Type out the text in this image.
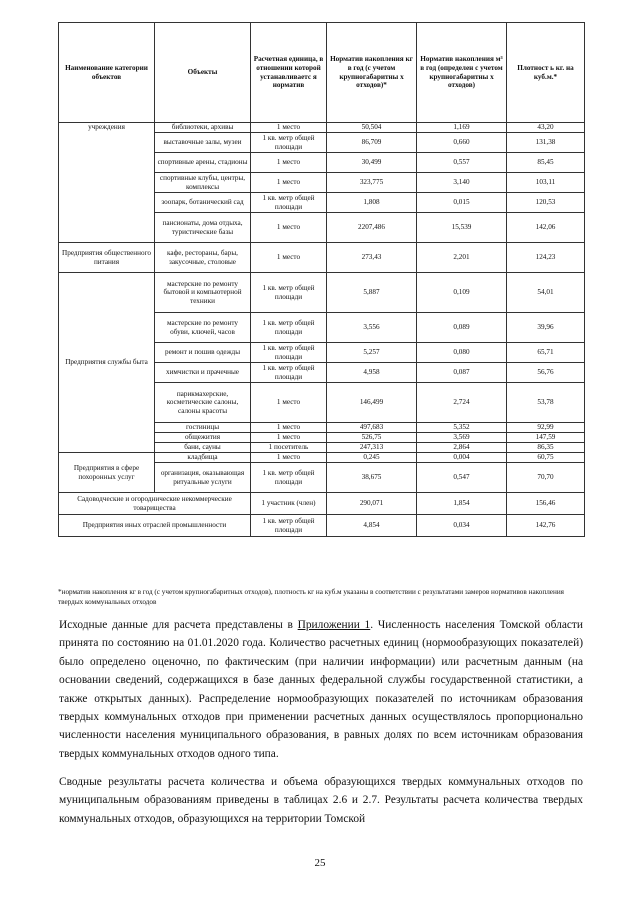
Наименование категории объектов	Объекты	Расчетная единица, в отношении которой устанавливаетс я норматив	Норматив накопления кг в год (с учетом крупногабаритны х отходов)*	Норматив накопления м³ в год (определен с учетом крупногабаритны х отходов)	Плотност ь кг. на куб.м.*
учреждения	библиотеки, архивы	1 место	50,504	1,169	43,20
	выставочные залы, музеи	1 кв. метр общей площади	86,709	0,660	131,38
	спортивные арены, стадионы	1 место	30,499	0,557	85,45
	спортивные клубы, центры, комплексы	1 место	323,775	3,140	103,11
	зоопарк, ботанический сад	1 кв. метр общей площади	1,808	0,015	120,53
	пансионаты, дома отдыха, туристические базы	1 место	2207,486	15,539	142,06
Предприятия общественного питания	кафе, рестораны, бары, закусочные, столовые	1 место	273,43	2,201	124,23
Предприятия службы быта	мастерские по ремонту бытовой и компьютерной техники	1 кв. метр общей площади	5,887	0,109	54,01
	мастерские по ремонту обуви, ключей, часов	1 кв. метр общей площади	3,556	0,089	39,96
	ремонт и пошив одежды	1 кв. метр общей площади	5,257	0,080	65,71
	химчистки и прачечные	1 кв. метр общей площади	4,958	0,087	56,76
	парикмахерские, косметические салоны, салоны красоты	1 место	146,499	2,724	53,78
	гостиницы	1 место	497,683	5,352	92,99
	общежития	1 место	526,75	3,569	147,59
	бани, сауны	1 посетитель	247,313	2,864	86,35
Предприятия в сфере похоронных услуг	кладбища	1 место	0,245	0,004	60,75
	организация, оказывающая ритуальные услуги	1 кв. метр общей площади	38,675	0,547	70,70
Садоводческие и огороднические некоммерческие товарищества		1 участник (член)	290,071	1,854	156,46
Предприятия иных отраслей промышленности		1 кв. метр общей площади	4,854	0,034	142,76
*норматив накопления кг в год (с учетом крупногабаритных отходов), плотность кг на куб.м указаны в соответствии с результатами замеров нормативов накопления твердых коммунальных отходов

Исходные данные для расчета представлены в Приложении 1. Численность населения Томской области принята по состоянию на 01.01.2020 года. Количество расчетных единиц (нормообразующих показателей) было определено оценочно, по фактическим (при наличии информации) или расчетным данным (на основании сведений, содержащихся в базе данных федеральной службы государственной статистики, а также открытых данных). Распределение нормообразующих показателей по источникам образования твердых коммунальных отходов при применении расчетных данных осуществлялось пропорционально численности населения муниципального образования, в равных долях по всем источникам образования твердых коммунальных отходов одного типа.

Сводные результаты расчета количества и объема образующихся твердых коммунальных отходов по муниципальным образованиям приведены в таблицах 2.6 и 2.7. Результаты расчета количества твердых коммунальных отходов, образующихся на территории Томской

25
